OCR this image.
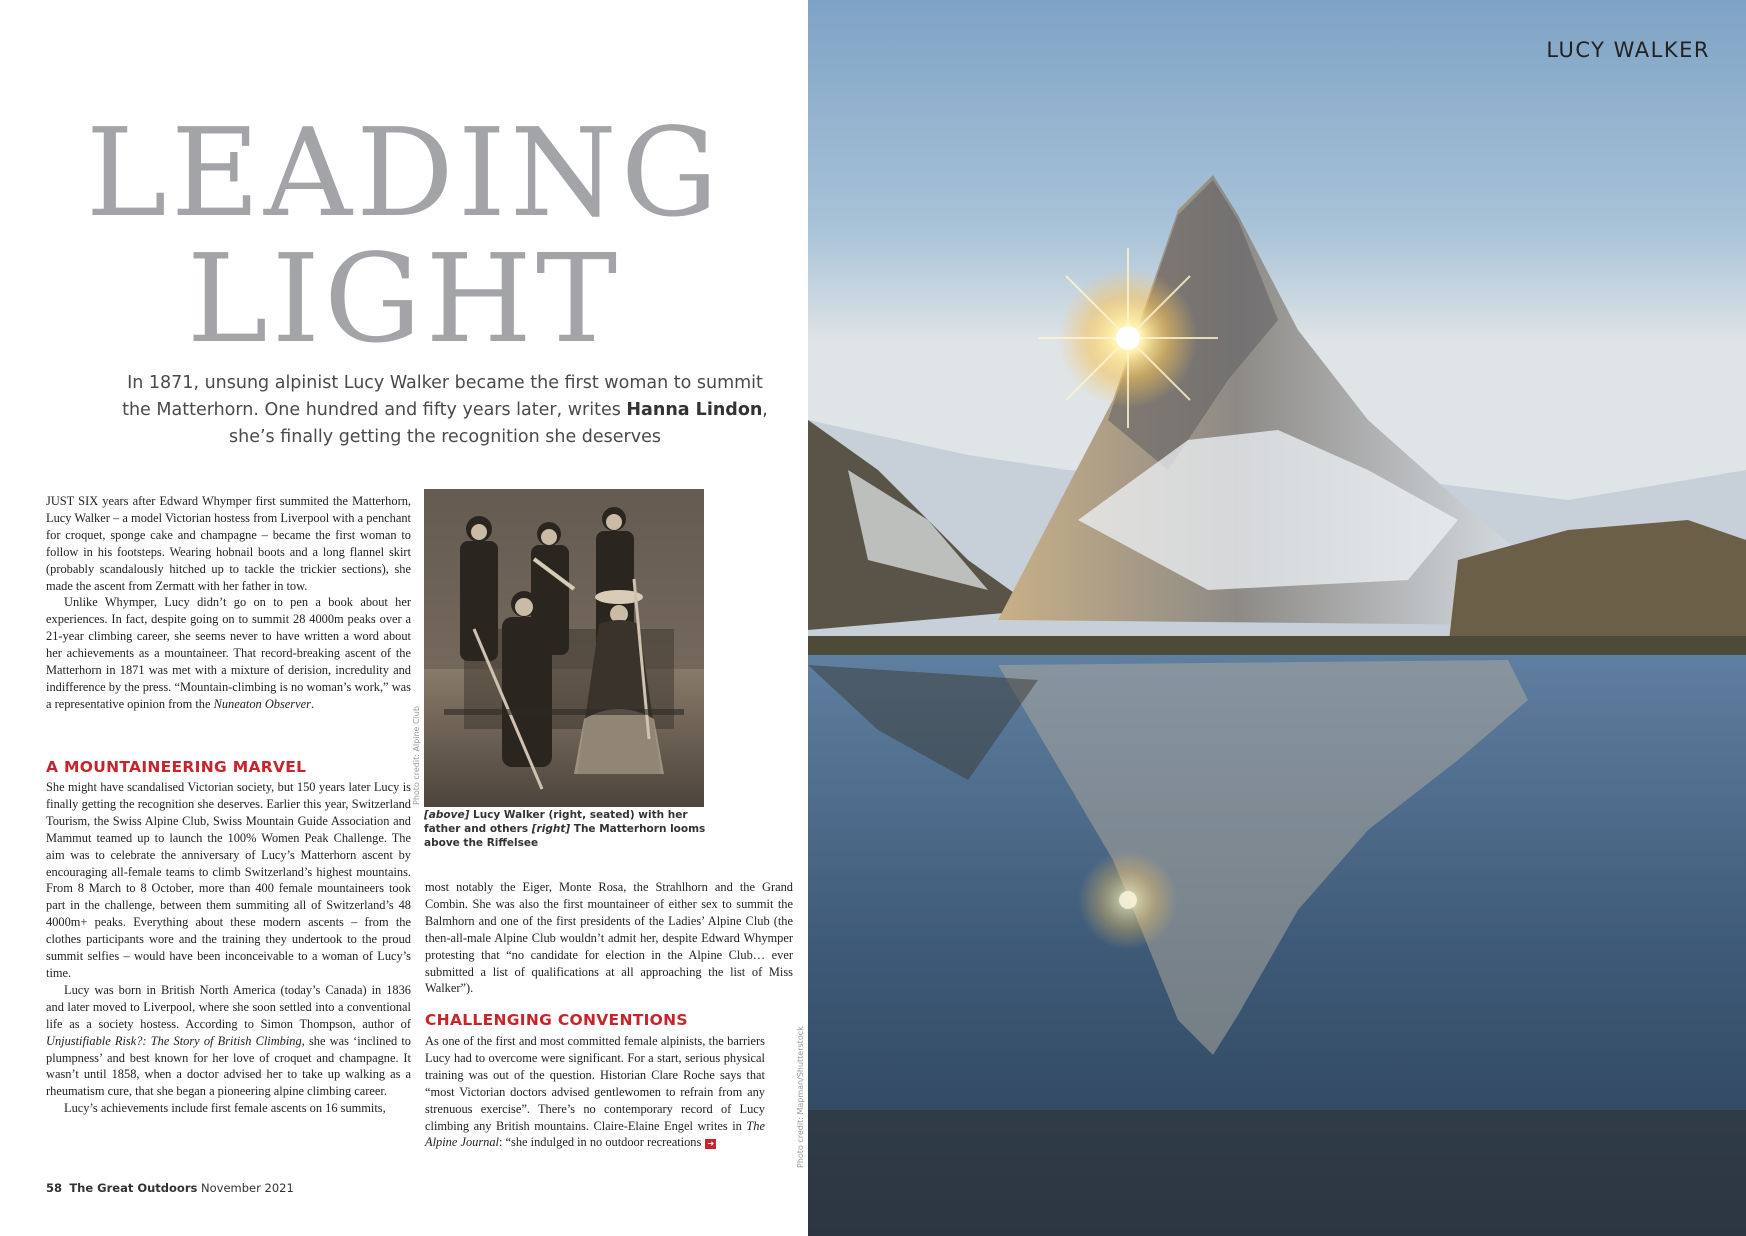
LEADING
LIGHT

In 1871, unsung alpinist Lucy Walker became the first woman to summit the Matterhorn. One hundred and fifty years later, writes Hanna Lindon, she’s finally getting the recognition she deserves

JUST SIX years after Edward Whymper first summited the Matterhorn, Lucy Walker – a model Victorian hostess from Liverpool with a penchant for croquet, sponge cake and champagne – became the first woman to follow in his footsteps. Wearing hobnail boots and a long flannel skirt (probably scandalously hitched up to tackle the trickier sections), she made the ascent from Zermatt with her father in tow.

Unlike Whymper, Lucy didn’t go on to pen a book about her experiences. In fact, despite going on to summit 28 4000m peaks over a 21-year climbing career, she seems never to have written a word about her achievements as a mountaineer. That record-breaking ascent of the Matterhorn in 1871 was met with a mixture of derision, incredulity and indifference by the press. “Mountain-climbing is no woman’s work,” was a representative opinion from the Nuneaton Observer.

A MOUNTAINEERING MARVEL

She might have scandalised Victorian society, but 150 years later Lucy is finally getting the recognition she deserves. Earlier this year, Switzerland Tourism, the Swiss Alpine Club, Swiss Mountain Guide Association and Mammut teamed up to launch the 100% Women Peak Challenge. The aim was to celebrate the anniversary of Lucy’s Matterhorn ascent by encouraging all-female teams to climb Switzerland’s highest mountains. From 8 March to 8 October, more than 400 female mountaineers took part in the challenge, between them summiting all of Switzerland’s 48 4000m+ peaks. Everything about these modern ascents – from the clothes participants wore and the training they undertook to the proud summit selfies – would have been inconceivable to a woman of Lucy’s time.

Lucy was born in British North America (today’s Canada) in 1836 and later moved to Liverpool, where she soon settled into a conventional life as a society hostess. According to Simon Thompson, author of Unjustifiable Risk?: The Story of British Climbing, she was ‘inclined to plumpness’ and best known for her love of croquet and champagne. It wasn’t until 1858, when a doctor advised her to take up walking as a rheumatism cure, that she began a pioneering alpine climbing career.

Lucy’s achievements include first female ascents on 16 summits,

Photo credit: Alpine Club

[above] Lucy Walker (right, seated) with her father and others [right] The Matterhorn looms above the Riffelsee

most notably the Eiger, Monte Rosa, the Strahlhorn and the Grand Combin. She was also the first mountaineer of either sex to summit the Balmhorn and one of the first presidents of the Ladies’ Alpine Club (the then-all-male Alpine Club wouldn’t admit her, despite Edward Whymper protesting that “no candidate for election in the Alpine Club… ever submitted a list of qualifications at all approaching the list of Miss Walker”).

CHALLENGING CONVENTIONS

As one of the first and most committed female alpinists, the barriers Lucy had to overcome were significant. For a start, serious physical training was out of the question. Historian Clare Roche says that “most Victorian doctors advised gentlewomen to refrain from any strenuous exercise”. There’s no contemporary record of Lucy climbing any British mountains. Claire-Elaine Engel writes in The Alpine Journal: “she indulged in no outdoor recreations ➜	Photo credit: Mapman/Shutterstock
58 The Great Outdoors November 2021
LUCY WALKER
